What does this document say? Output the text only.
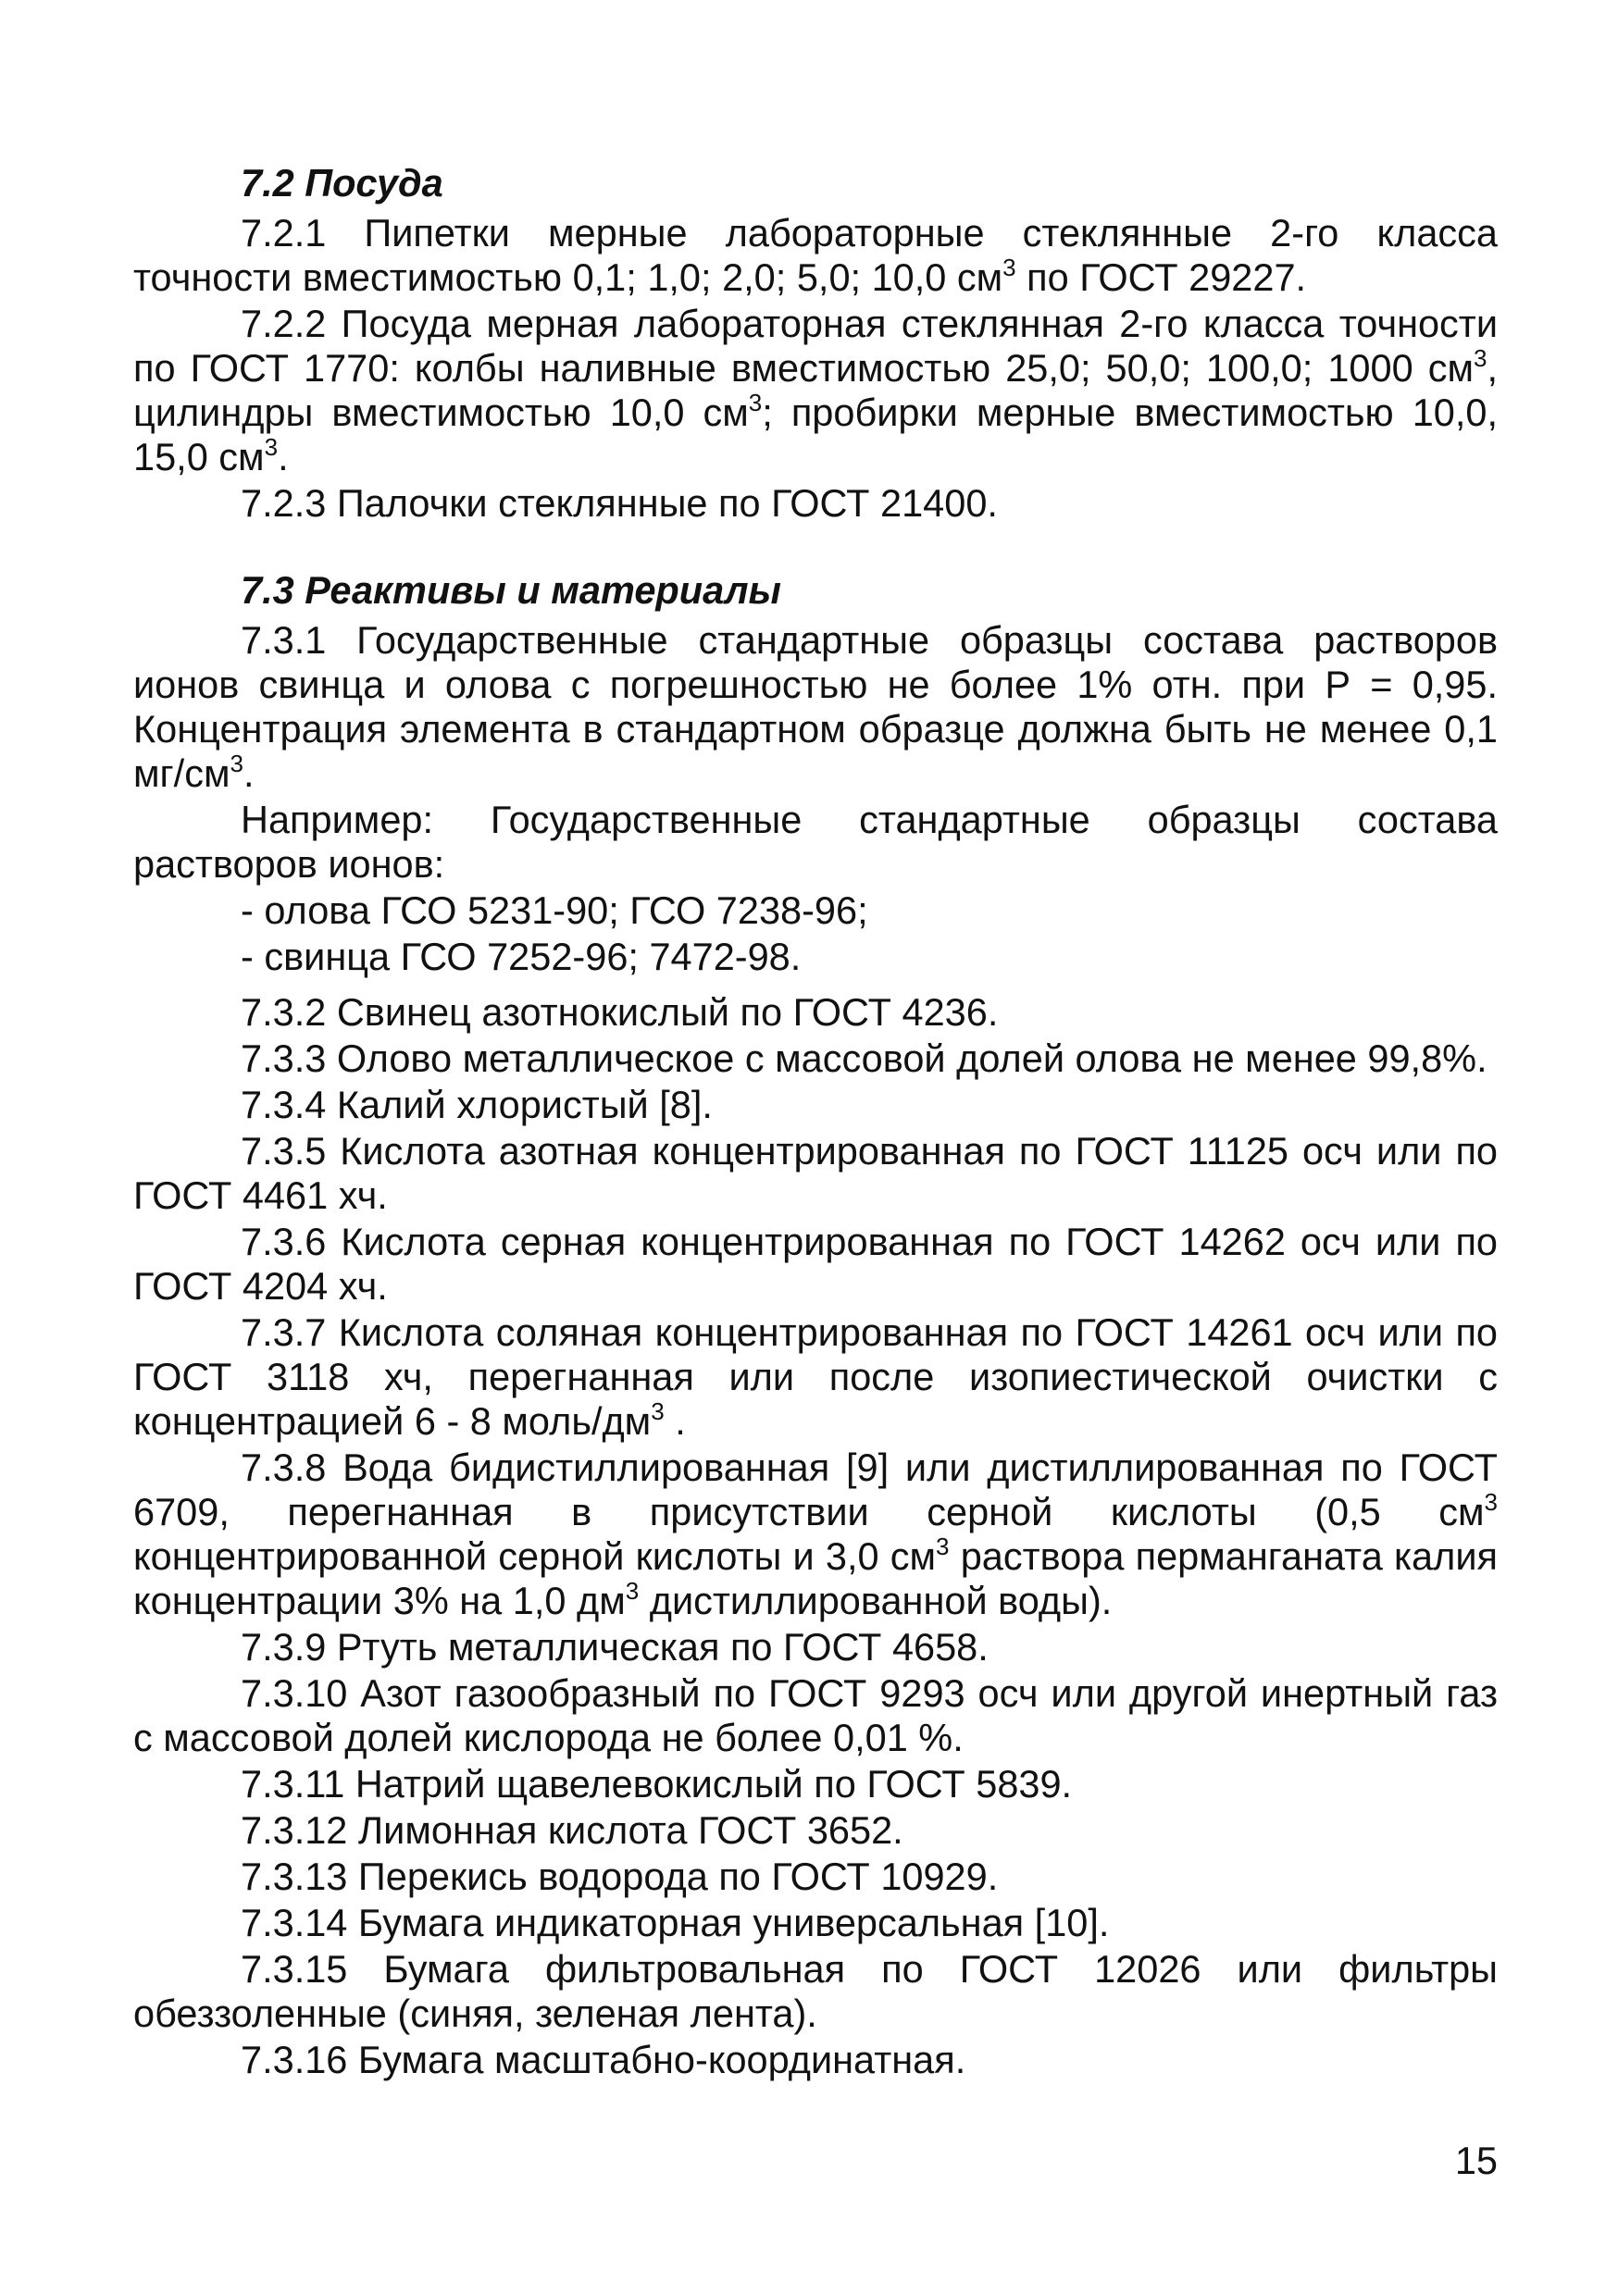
7.2 Посуда

7.2.1 Пипетки мерные лабораторные стеклянные 2-го класса точности вместимостью 0,1; 1,0; 2,0; 5,0; 10,0 $см^3$ по ГОСТ 29227.

7.2.2 Посуда мерная лабораторная стеклянная 2-го класса точности по ГОСТ 1770: колбы наливные вместимостью 25,0; 50,0; 100,0; 1000 $см^3$, цилиндры вместимостью 10,0 $см^3$; пробирки мерные вместимостью 10,0, 15,0 $см^3$.

7.2.3 Палочки стеклянные по ГОСТ 21400.

7.3 Реактивы и материалы

7.3.1 Государственные стандартные образцы состава растворов ионов свинца и олова с погрешностью не более 1% отн. при Р = 0,95. Концентрация элемента в стандартном образце должна быть не менее 0,1 $мг/см^3$.

Например: Государственные стандартные образцы состава растворов ионов:

- олова ГСО 5231-90; ГСО 7238-96;

- свинца ГСО 7252-96; 7472-98.

7.3.2 Свинец азотнокислый по ГОСТ 4236.

7.3.3 Олово металлическое с массовой долей олова не менее 99,8%.

7.3.4 Калий хлористый [8].

7.3.5 Кислота азотная концентрированная по ГОСТ 11125 осч или по ГОСТ 4461 хч.

7.3.6 Кислота серная концентрированная по ГОСТ 14262 осч или по ГОСТ 4204 хч.

7.3.7 Кислота соляная концентрированная по ГОСТ 14261 осч или по ГОСТ 3118 хч, перегнанная или после изопиестической очистки с концентрацией 6 - 8 моль/$дм^3$ .

7.3.8 Вода бидистиллированная [9] или дистиллированная по ГОСТ 6709, перегнанная в присутствии серной кислоты (0,5 $см^3$ концентрированной серной кислоты и 3,0 $см^3$ раствора перманганата калия концентрации 3% на 1,0 $дм^3$ дистиллированной воды).

7.3.9 Ртуть металлическая по ГОСТ 4658.

7.3.10 Азот газообразный по ГОСТ 9293 осч или другой инертный газ с массовой долей кислорода не более 0,01 %.

7.3.11 Натрий щавелевокислый по ГОСТ 5839.

7.3.12 Лимонная кислота ГОСТ 3652.

7.3.13 Перекись водорода по ГОСТ 10929.

7.3.14 Бумага индикаторная универсальная [10].

7.3.15 Бумага фильтровальная по ГОСТ 12026 или фильтры обеззоленные (синяя, зеленая лента).

7.3.16 Бумага масштабно-координатная.

15
